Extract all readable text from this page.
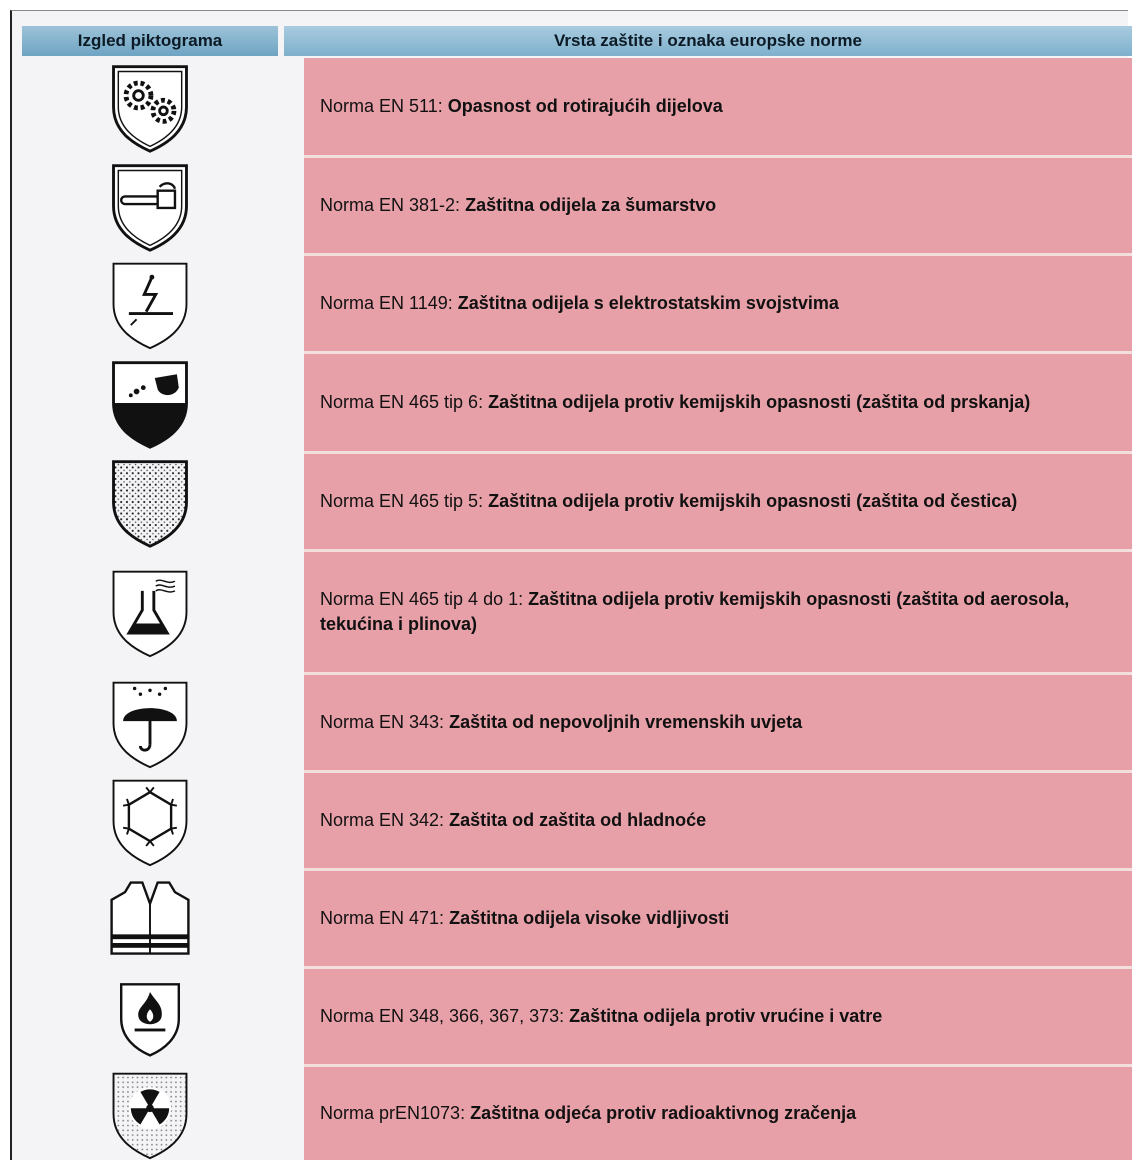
Izgled piktograma	Vrsta zaštite i oznaka europske norme
Norma EN 511: Opasnost od rotirajućih dijelova
Norma EN 381-2: Zaštitna odijela za šumarstvo
Norma EN 1149: Zaštitna odijela s elektrostatskim svojstvima
Norma EN 465 tip 6: Zaštitna odijela protiv kemijskih opasnosti (zaštita od prskanja)
Norma EN 465 tip 5: Zaštitna odijela protiv kemijskih opasnosti (zaštita od čestica)
Norma EN 465 tip 4 do 1: Zaštitna odijela protiv kemijskih opasnosti (zaštita od aerosola, tekućina i plinova)
Norma EN 343: Zaštita od nepovoljnih vremenskih uvjeta
Norma EN 342: Zaštita od zaštita od hladnoće
Norma EN 471: Zaštitna odijela visoke vidljivosti
Norma EN 348, 366, 367, 373: Zaštitna odijela protiv vrućine i vatre
Norma prEN1073: Zaštitna odjeća protiv radioaktivnog zračenja
